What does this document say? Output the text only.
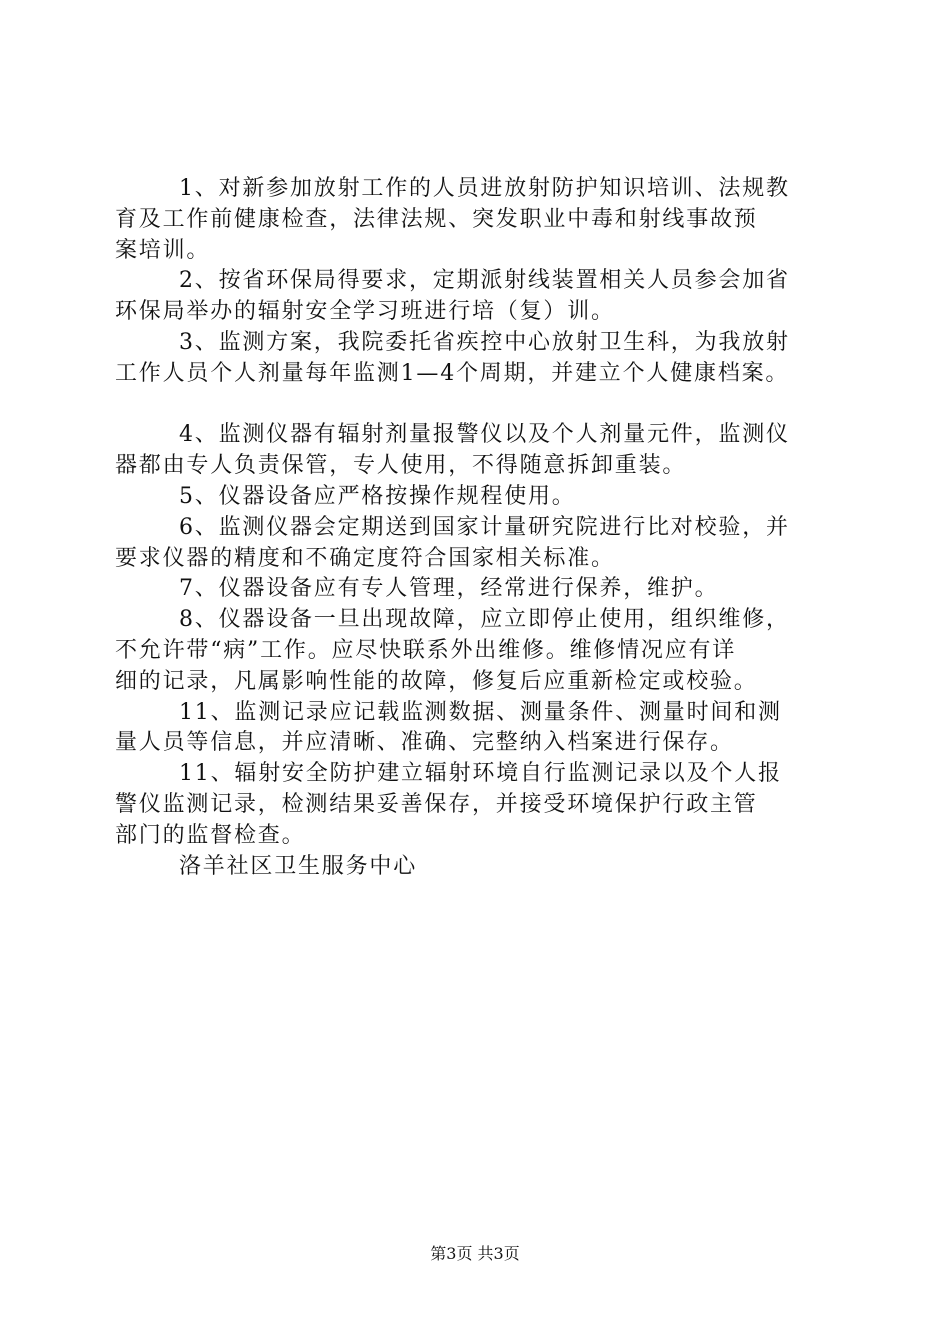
1、对新参加放射工作的人员进放射防护知识培训、法规教
育及工作前健康检查，法律法规、突发职业中毒和射线事故预
案培训。
2、按省环保局得要求，定期派射线装置相关人员参会加省
环保局举办的辐射安全学习班进行培（复）训。
3、监测方案，我院委托省疾控中心放射卫生科，为我放射
工作人员个人剂量每年监测1—4个周期，并建立个人健康档案。
4、监测仪器有辐射剂量报警仪以及个人剂量元件，监测仪
器都由专人负责保管，专人使用，不得随意拆卸重装。
5、仪器设备应严格按操作规程使用。
6、监测仪器会定期送到国家计量研究院进行比对校验，并
要求仪器的精度和不确定度符合国家相关标准。
7、仪器设备应有专人管理，经常进行保养，维护。
8、仪器设备一旦出现故障，应立即停止使用，组织维修，
不允许带“病”工作。应尽快联系外出维修。维修情况应有详
细的记录，凡属影响性能的故障，修复后应重新检定或校验。
11、监测记录应记载监测数据、测量条件、测量时间和测
量人员等信息，并应清晰、准确、完整纳入档案进行保存。
11、辐射安全防护建立辐射环境自行监测记录以及个人报
警仪监测记录，检测结果妥善保存，并接受环境保护行政主管
部门的监督检查。
洛羊社区卫生服务中心
第3页 共3页
